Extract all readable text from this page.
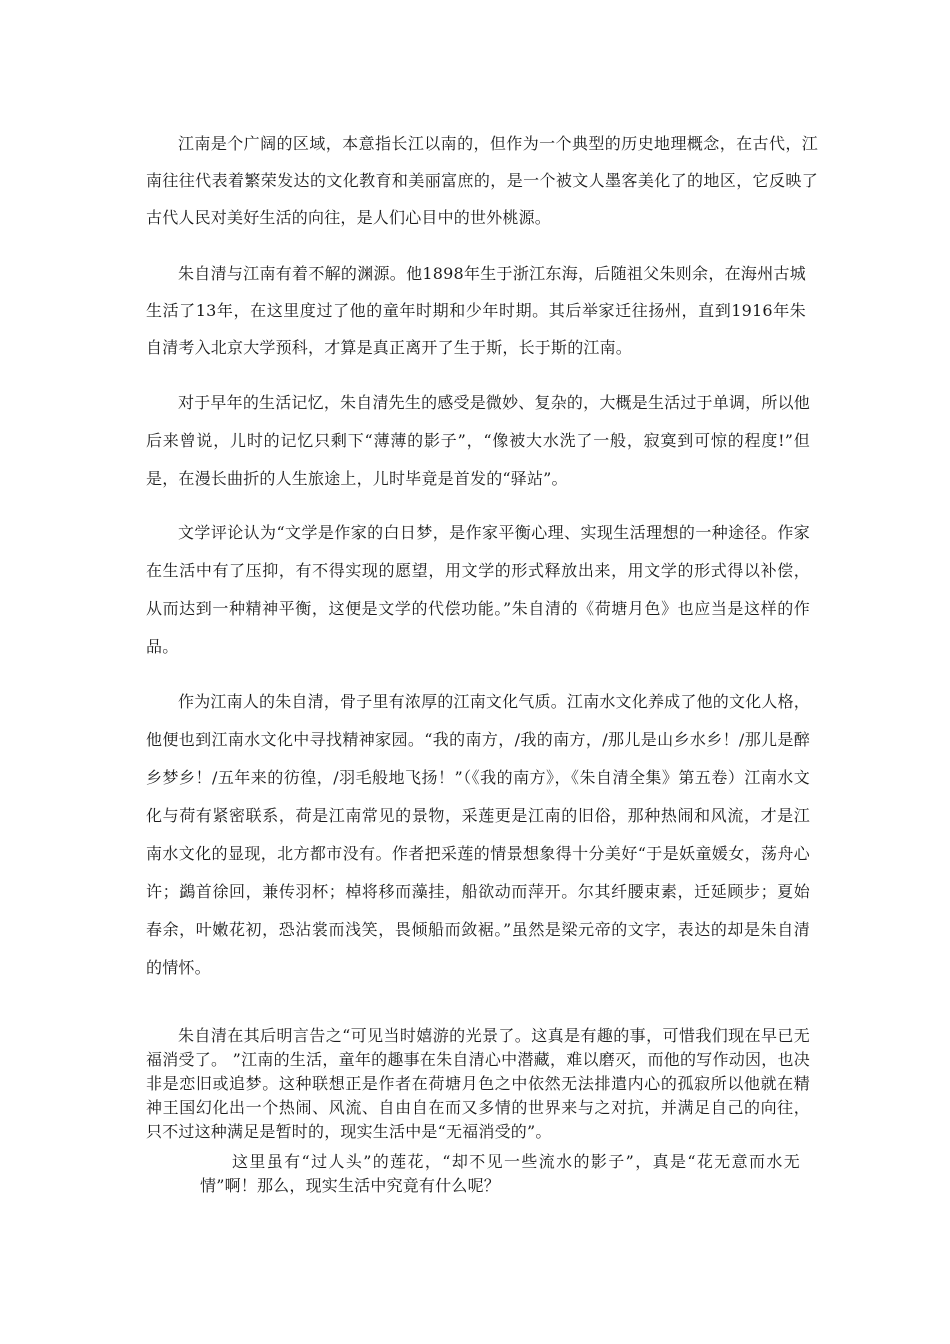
江南是个广阔的区域，本意指长江以南的，但作为一个典型的历史地理概念，在古代，江南往往代表着繁荣发达的文化教育和美丽富庶的，是一个被文人墨客美化了的地区，它反映了古代人民对美好生活的向往，是人们心目中的世外桃源。

朱自清与江南有着不解的渊源。他1898年生于浙江东海，后随祖父朱则余，在海州古城生活了13年，在这里度过了他的童年时期和少年时期。其后举家迁往扬州，直到1916年朱自清考入北京大学预科，才算是真正离开了生于斯，长于斯的江南。

对于早年的生活记忆，朱自清先生的感受是微妙、复杂的，大概是生活过于单调，所以他后来曾说，儿时的记忆只剩下“薄薄的影子”，“像被大水洗了一般，寂寞到可惊的程度!”但是，在漫长曲折的人生旅途上，儿时毕竟是首发的“驿站”。

文学评论认为“文学是作家的白日梦，是作家平衡心理、实现生活理想的一种途径。作家在生活中有了压抑，有不得实现的愿望，用文学的形式释放出来，用文学的形式得以补偿，从而达到一种精神平衡，这便是文学的代偿功能。”朱自清的《荷塘月色》也应当是这样的作品。

作为江南人的朱自清，骨子里有浓厚的江南文化气质。江南水文化养成了他的文化人格，他便也到江南水文化中寻找精神家园。“我的南方，/我的南方，/那儿是山乡水乡！/那儿是醉乡梦乡！/五年来的彷徨，/羽毛般地飞扬！”（《我的南方》，《朱自清全集》第五卷）江南水文化与荷有紧密联系，荷是江南常见的景物，采莲更是江南的旧俗，那种热闹和风流，才是江南水文化的显现，北方都市没有。作者把采莲的情景想象得十分美好“于是妖童媛女，荡舟心许；鷁首徐回，兼传羽杯；棹将移而藻挂，船欲动而萍开。尔其纤腰束素，迁延顾步；夏始春余，叶嫩花初，恐沾裳而浅笑，畏倾船而敛裾。”虽然是梁元帝的文字，表达的却是朱自清的情怀。

朱自清在其后明言告之“可见当时嬉游的光景了。这真是有趣的事，可惜我们现在早已无福消受了。 ”江南的生活，童年的趣事在朱自清心中潜藏，难以磨灭，而他的写作动因，也决非是恋旧或追梦。这种联想正是作者在荷塘月色之中依然无法排遣内心的孤寂所以他就在精神王国幻化出一个热闹、风流、自由自在而又多情的世界来与之对抗，并满足自己的向往，只不过这种满足是暂时的，现实生活中是“无福消受的”。

这里虽有“过人头”的莲花，“却不见一些流水的影子”，真是“花无意而水无情”啊！那么，现实生活中究竟有什么呢？
